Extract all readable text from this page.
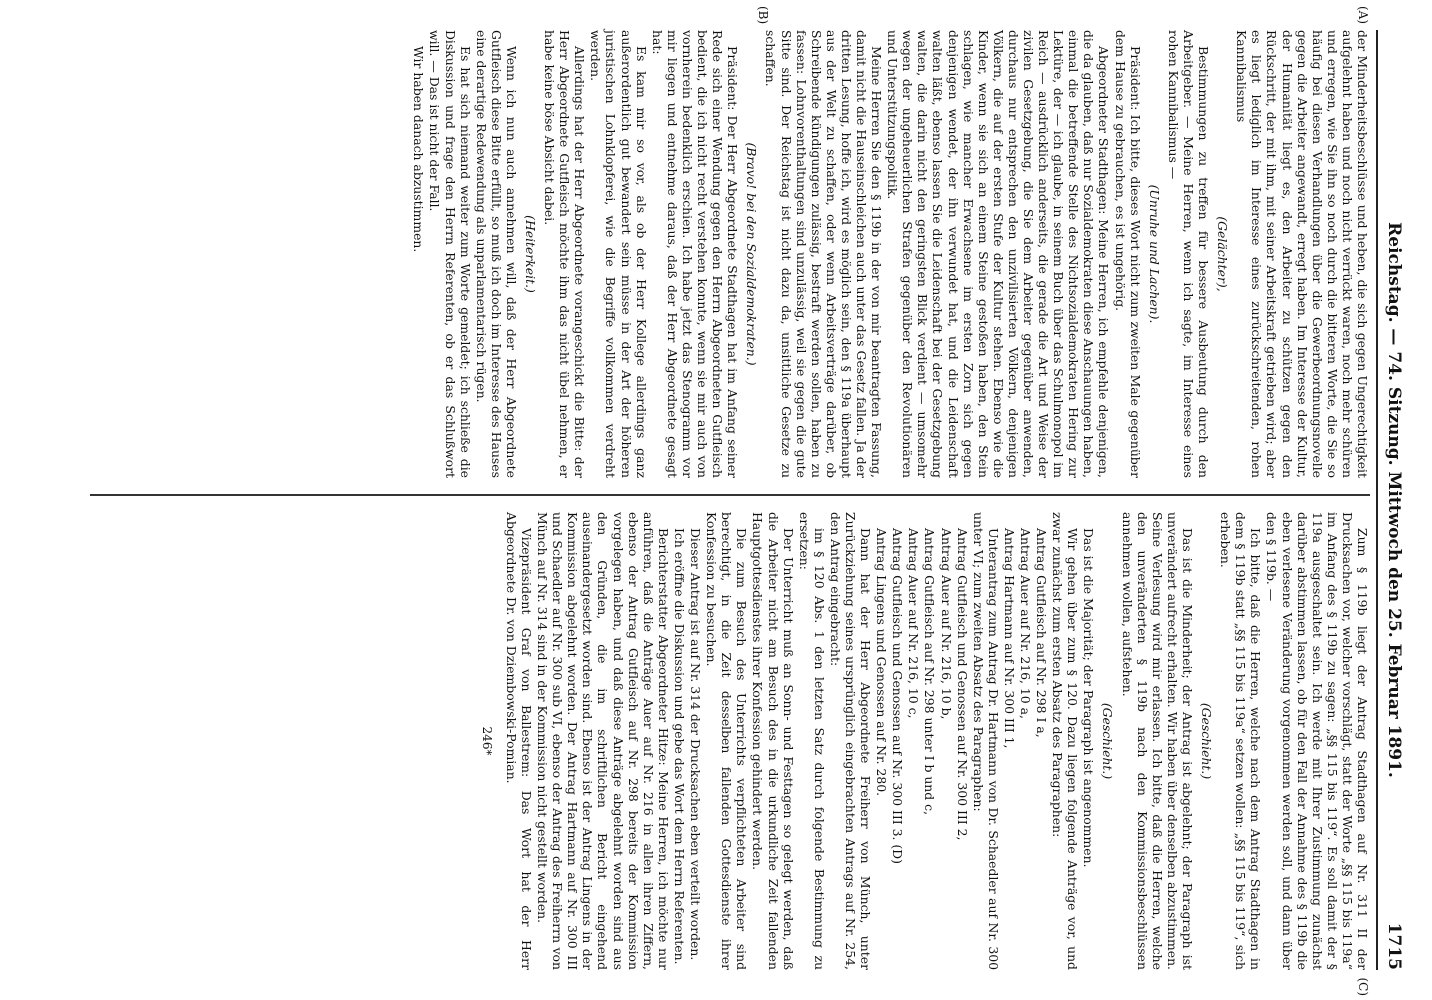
Reichstag. — 74. Sitzung. Mittwoch den 25. Februar 1891.
1715
(A)
(B)

der Minderheitsbeschlüsse und heben, die sich gegen Ungerechtigkeit aufgelehnt haben und noch nicht verrückt waren, noch mehr schüren und erregen, wie Sie ihn so noch durch die bitteren Worte, die Sie so häufig bei diesen Verhandlungen über die Gewerbeordnungsnovelle gegen die Arbeiter angewandt, erregt haben. Im Interesse der Kultur, der Humanität liegt es, den Arbeiter zu schützen gegen den Rückschritt, der mit ihm, mit seiner Arbeitskraft getrieben wird; aber es liegt lediglich im Interesse eines zurückschreitenden, rohen Kannibalismus

(Gelächter),

Bestimmungen zu treffen für bessere Ausbeutung durch den Arbeitgeber. — Meine Herren, wenn ich sagte, im Interesse eines rohen Kannibalismus —

(Unruhe und Lachen).

Präsident: Ich bitte, dieses Wort nicht zum zweiten Male gegenüber dem Hause zu gebrauchen, es ist ungehörig.

Abgeordneter Stadthagen: Meine Herren, ich empfehle denjenigen, die da glauben, daß nur Sozialdemokraten diese Anschauungen haben, einmal die betreffende Stelle des Nichtsozialdemokraten Hering zur Lektüre, der — ich glaube, in seinem Buch über das Schulmonopol im Reich — ausdrücklich anderseits, die gerade die Art und Weise der zivilen Gesetzgebung, die Sie dem Arbeiter gegenüber anwenden, durchaus nur entsprechen den unzivilisierten Völkern, denjenigen Völkern, die auf der ersten Stufe der Kultur stehen. Ebenso wie die Kinder, wenn sie sich an einem Steine gestoßen haben, den Stein schlagen, wie mancher Erwachsene im ersten Zorn sich gegen denjenigen wendet, der ihn verwundet hat, und die Leidenschaft walten läßt, ebenso lassen Sie die Leidenschaft bei der Gesetzgebung walten, die darin nicht den geringsten Blick verdient — umsomehr wegen der ungeheuerlichen Strafen gegenüber den Revolutionären und Unterstützungspolitik.

Meine Herren Sie den § 119b in der von mir beantragten Fassung, damit nicht die Hauseinschleichen auch unter das Gesetz fallen. Ja der dritten Lesung, hoffe ich, wird es möglich sein, den § 119a überhaupt aus der Welt zu schaffen, oder wenn Arbeitsverträge darüber, ob Schreibende kündigungen zulässig, bestraft werden sollen, haben zu fassen: Lohnvorenthaltungen sind unzulässig, weil sie gegen die gute Sitte sind. Der Reichstag ist nicht dazu da, unsittliche Gesetze zu schaffen.

(Bravo! bei den Sozialdemokraten.)

Präsident: Der Herr Abgeordnete Stadthagen hat im Anfang seiner Rede sich einer Wendung gegen den Herrn Abgeordneten Gutfleisch bedient, die ich nicht recht verstehen konnte, wenn sie mir auch von vornherein bedenklich erschien. Ich habe jetzt das Stenogramm vor mir liegen und entnehme daraus, daß der Herr Abgeordnete gesagt hat:

Es kam mir so vor, als ob der Herr Kollege allerdings ganz außerordentlich gut bewandert sein müsse in der Art der höheren juristischen Lohnklopferei, wie die Begriffe vollkommen verdreht werden.

Allerdings hat der Herr Abgeordnete vorangeschickt die Bitte: der Herr Abgeordnete Gutfleisch möchte ihm das nicht übel nehmen, er habe keine böse Absicht dabei.

(Heiterkeit.)

Wenn ich nun auch annehmen will, daß der Herr Abgeordnete Gutfleisch diese Bitte erfüllt, so muß ich doch im Interesse des Hauses eine derartige Redewendung als unparlamentarisch rügen.

Es hat sich niemand weiter zum Worte gemeldet; ich schließe die Diskussion und frage den Herrn Referenten, ob er das Schlußwort will. — Das ist nicht der Fall.

Wir haben danach abzustimmen.

(C)

Zum § 119b liegt der Antrag Stadthagen auf Nr. 311 II der Drucksachen vor, welcher vorschlägt, statt der Worte „§§ 115 bis 119a“ im Anfang des § 119b zu sagen: „§§ 115 bis 119“. Es soll damit der § 119a ausgeschaltet sein. Ich werde mit Ihrer Zustimmung zunächst darüber abstimmen lassen, ob für den Fall der Annahme des § 119b die eben verlesene Veränderung vorgenommen werden soll, und dann über den § 119b. —

Ich bitte, daß die Herren, welche nach dem Antrag Stadthagen in dem § 119b statt „§§ 115 bis 119a“ setzen wollen: „§§ 115 bis 119“, sich erheben.

(Geschieht.)

Das ist die Minderheit; der Antrag ist abgelehnt; der Paragraph ist unverändert aufrecht erhalten. Wir haben über denselben abzustimmen. Seine Verlesung wird mir erlassen. Ich bitte, daß die Herren, welche den unveränderten § 119b nach den Kommissionsbeschlüssen annehmen wollen, aufstehen.

(Geschieht.)

Das ist die Majorität; der Paragraph ist angenommen.

Wir gehen über zum § 120. Dazu liegen folgende Anträge vor, und zwar zunächst zum ersten Absatz des Paragraphen:

Antrag Gutfleisch auf Nr. 298 I a,

Antrag Auer auf Nr. 216, 10 a,

Antrag Hartmann auf Nr. 300 III 1,

Unterantrag zum Antrag Dr. Hartmann von Dr. Schaedler auf Nr. 300 unter VI; zum zweiten Absatz des Paragraphen:

Antrag Gutfleisch und Genossen auf Nr. 300 III 2,

Antrag Auer auf Nr. 216, 10 b,

Antrag Gutfleisch auf Nr. 298 unter I b und c,

Antrag Auer auf Nr. 216, 10 c,

Antrag Gutfleisch und Genossen auf Nr. 300 III 3. (D)

Antrag Lingens und Genossen auf Nr. 280.

Dann hat der Herr Abgeordnete Freiherr von Münch, unter Zurückziehung seines ursprünglich eingebrachten Antrags auf Nr. 254, den Antrag eingebracht:

im § 120 Abs. 1 den letzten Satz durch folgende Bestimmung zu ersetzen:

Der Unterricht muß an Sonn- und Festtagen so gelegt werden, daß die Arbeiter nicht am Besuch des in die urkundliche Zeit fallenden Hauptgottesdienstes ihrer Konfession gehindert werden.

Die zum Besuch des Unterrichts verpflichteten Arbeiter sind berechtigt, in die Zeit desselben fallenden Gottesdienste ihrer Konfession zu besuchen.

Dieser Antrag ist auf Nr. 314 der Drucksachen eben verteilt worden.

Ich eröffne die Diskussion und gebe das Wort dem Herrn Referenten.

Berichterstatter Abgeordneter Hitze: Meine Herren, ich möchte nur anführen, daß die Anträge Auer auf Nr. 216 in allen ihren Ziffern, ebenso der Antrag Gutfleisch auf Nr. 298 bereits der Kommission vorgelegen haben, und daß diese Anträge abgelehnt worden sind aus den Gründen, die im schriftlichen Bericht eingehend auseinandergesetzt worden sind. Ebenso ist der Antrag Lingens in der Kommission abgelehnt worden. Der Antrag Hartmann auf Nr. 300 III und Schaedler auf Nr. 300 sub VI, ebenso der Antrag des Freiherrn von Münch auf Nr. 314 sind in der Kommission nicht gestellt worden.

Vizepräsident Graf von Ballestrem: Das Wort hat der Herr Abgeordnete Dr. von Dziembowski-Pomian.

246*
